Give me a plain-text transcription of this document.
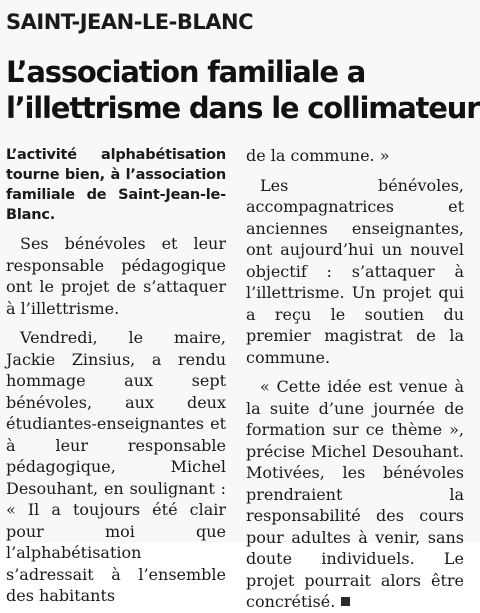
SAINT-JEAN-LE-BLANC
L’association familiale a
l’illettrisme dans le collimateur

L’activité alphabétisation tourne bien, à l’association familiale de Saint-Jean-le-Blanc.

Ses bénévoles et leur responsable pédagogique ont le projet de s’attaquer à l’illettrisme.

Vendredi, le maire, Jackie Zinsius, a rendu hommage aux sept bénévoles, aux deux étudiantes-enseignantes et à leur responsable pédagogique, Michel Desouhant, en soulignant : « Il a toujours été clair pour moi que l’alphabétisation s’adressait à l’ensemble des habitants

de la commune. »

Les bénévoles, accompagnatrices et anciennes enseignantes, ont aujourd’hui un nouvel objectif : s’attaquer à l’illettrisme. Un projet qui a reçu le soutien du premier magistrat de la commune.

« Cette idée est venue à la suite d’une journée de formation sur ce thème », précise Michel Desouhant. Motivées, les bénévoles prendraient la responsabilité des cours pour adultes à venir, sans doute individuels. Le projet pourrait alors être concrétisé.
